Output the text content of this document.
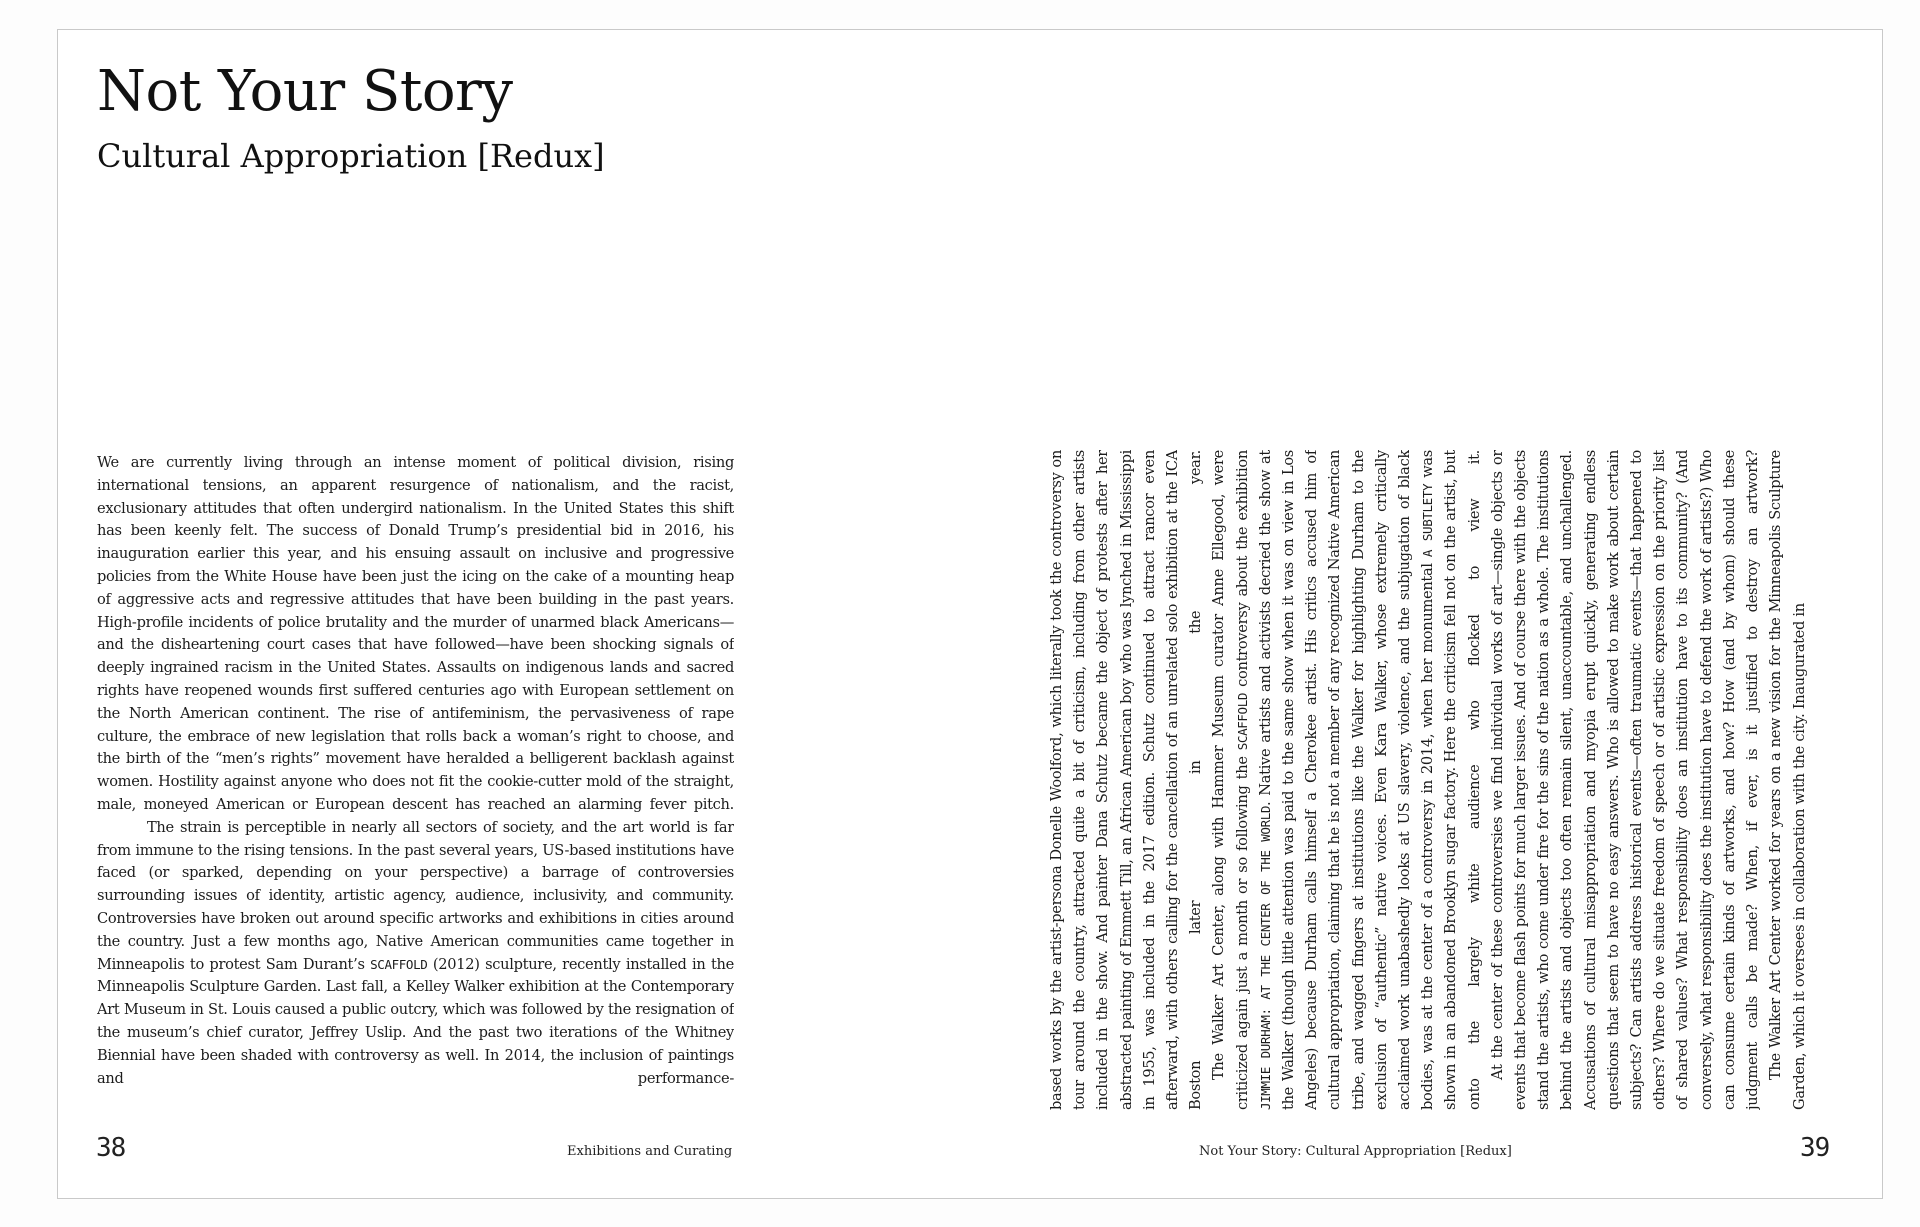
Not Your Story
Cultural Appropriation [Redux]

We are currently living through an intense moment of political division, rising international tensions, an apparent resurgence of nationalism, and the racist, exclusionary attitudes that often undergird nationalism. In the United States this shift has been keenly felt. The success of Donald Trump’s presidential bid in 2016, his inauguration earlier this year, and his ensuing assault on inclusive and progressive policies from the White House have been just the icing on the cake of a mounting heap of aggressive acts and regressive attitudes that have been building in the past years. High-profile incidents of police brutality and the murder of unarmed black Americans—and the disheartening court cases that have followed—have been shocking signals of deeply ingrained racism in the United States. Assaults on indigenous lands and sacred rights have reopened wounds first suffered centuries ago with European settlement on the North American continent. The rise of antifeminism, the pervasiveness of rape culture, the embrace of new legislation that rolls back a woman’s right to choose, and the birth of the “men’s rights” movement have heralded a belligerent backlash against women. Hostility against anyone who does not fit the cookie-cutter mold of the straight, male, moneyed American or European descent has reached an alarming fever pitch.

The strain is perceptible in nearly all sectors of society, and the art world is far from immune to the rising tensions. In the past several years, US-based institutions have faced (or sparked, depending on your perspective) a barrage of controversies surrounding issues of identity, artistic agency, audience, inclusivity, and community. Controversies have broken out around specific artworks and exhibitions in cities around the country. Just a few months ago, Native American communities came together in Minneapolis to protest Sam Durant’s SCAFFOLD (2012) sculpture, recently installed in the Minneapolis Sculpture Garden. Last fall, a Kelley Walker exhibition at the Contemporary Art Museum in St. Louis caused a public outcry, which was followed by the resignation of the museum’s chief curator, Jeffrey Uslip. And the past two iterations of the Whitney Biennial have been shaded with controversy as well. In 2014, the inclusion of paintings and performance-	based works by the artist-persona Donelle Woolford, which literally took the controversy on tour around the country, attracted quite a bit of criticism, including from other artists included in the show. And painter Dana Schutz became the object of protests after her abstracted painting of Emmett Till, an African American boy who was lynched in Mississippi in 1955, was included in the 2017 edition. Schutz continued to attract rancor even afterward, with others calling for the cancellation of an unrelated solo exhibition at the ICA Boston later in the year. The Walker Art Center, along with Hammer Museum curator Anne Ellegood, were criticized again just a month or so following the SCAFFOLD controversy about the exhibition JIMMIE DURHAM: AT THE CENTER OF THE WORLD. Native artists and activists decried the show at the Walker (though little attention was paid to the same show when it was on view in Los Angeles) because Durham calls himself a Cherokee artist. His critics accused him of cultural appropriation, claiming that he is not a member of any recognized Native American tribe, and wagged fingers at institutions like the Walker for highlighting Durham to the exclusion of “authentic” native voices. Even Kara Walker, whose extremely critically acclaimed work unabashedly looks at US slavery, violence, and the subjugation of black bodies, was at the center of a controversy in 2014, when her monumental A SUBTLETY was shown in an abandoned Brooklyn sugar factory. Here the criticism fell not on the artist, but onto the largely white audience who flocked to view it. At the center of these controversies we find individual works of art—single objects or events that become flash points for much larger issues. And of course there with the objects stand the artists, who come under fire for the sins of the nation as a whole. The institutions behind the artists and objects too often remain silent, unaccountable, and unchallenged. Accusations of cultural misappropriation and myopia erupt quickly, generating endless questions that seem to have no easy answers. Who is allowed to make work about certain subjects? Can artists address historical events—often traumatic events—that happened to others? Where do we situate freedom of speech or of artistic expression on the priority list of shared values? What responsibility does an institution have to its community? (And conversely, what responsibility does the institution have to defend the work of artists?) Who can consume certain kinds of artworks, and how? How (and by whom) should these judgment calls be made? When, if ever, is it justified to destroy an artwork? The Walker Art Center worked for years on a new vision for the Minneapolis Sculpture Garden, which it oversees in collaboration with the city. Inaugurated in

38	Exhibitions and Curating	Not Your Story: Cultural Appropriation [Redux]	39
